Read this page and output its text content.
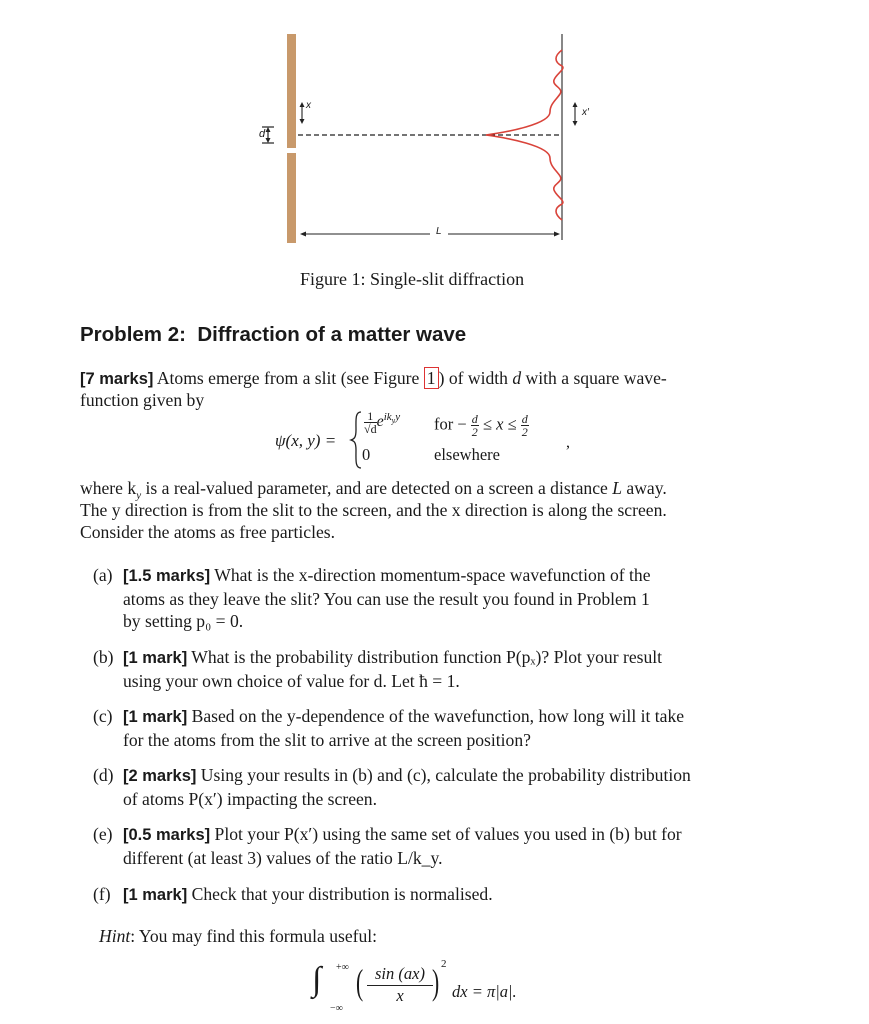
d
x
x′
L
Figure 1: Single-slit diffraction
Problem 2:  Diffraction of a matter wave
[7 marks] Atoms emerge from a slit (see Figure 1 ) of width d with a square wave-
function given by
ψ(x, y) =
$\frac{1}{√d} e^{ik_yy}$ for − $\frac{d}{2} \le x \le \frac{d}{2}$
,
0	elsewhere
where $k_y$ is a real-valued parameter, and are detected on a screen a distance L away.
The y direction is from the slit to the screen, and the x direction is along the screen.
Consider the atoms as free particles.
(a) [1.5 marks] What is the x-direction momentum-space wavefunction of the
atoms as they leave the slit? You can use the result you found in Problem 1
by setting p₀ = 0.
(b) [1 mark] What is the probability distribution function P(pₓ)? Plot your result
using your own choice of value for d. Let ħ = 1.
(c) [1 mark] Based on the y-dependence of the wavefunction, how long will it take
for the atoms from the slit to arrive at the screen position?
(d) [2 marks] Using your results in (b) and (c), calculate the probability distribution
of atoms P(x′) impacting the screen.
(e) [0.5 marks] Plot your P(x′) using the same set of values you used in (b) but for
different (at least 3) values of the ratio L/k_y.
(f) [1 mark] Check that your distribution is normalised.
Hint: You may find this formula useful:
∫ +∞
−∞
( $\frac{\sin (ax)}{x}$ ) 2
dx = π|a|.
